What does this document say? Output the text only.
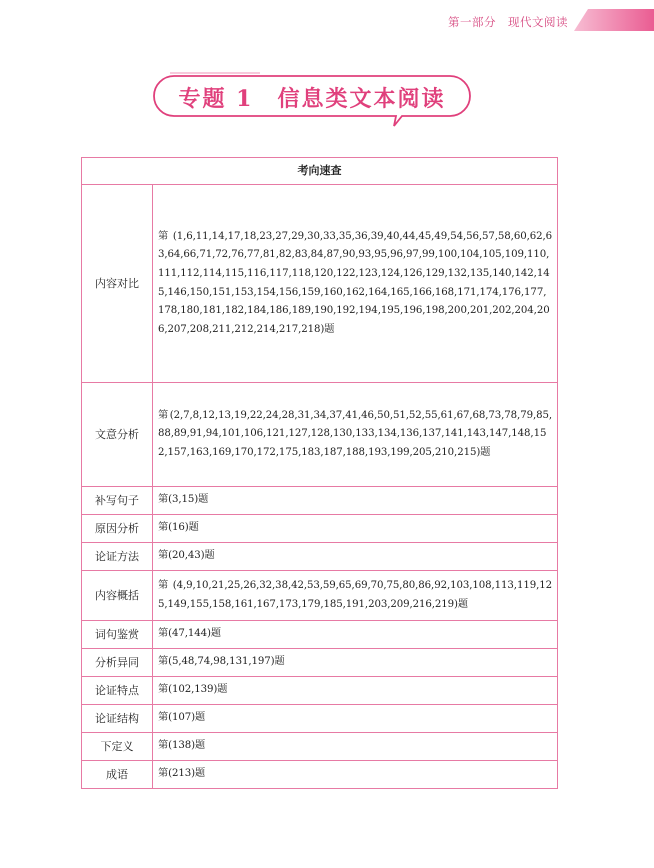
第一部分　现代文阅读
专题 1　信息类文本阅读
考向速查	
内容对比	第(1,6,11,14,17,18,23,27,29,30,33,35,36,39,40,44,45,49,54,56,57,58,60,62,63,64,66,71,72,76,77,81,82,83,84,87,90,93,95,96,97,99,100,104,105,109,110,111,112,114,115,116,117,118,120,122,123,124,126,129,132,135,140,142,145,146,150,151,153,154,156,159,160,162,164,165,166,168,171,174,176,177,178,180,181,182,184,186,189,190,192,194,195,196,198,200,201,202,204,206,207,208,211,212,214,217,218)题
文意分析	第(2,7,8,12,13,19,22,24,28,31,34,37,41,46,50,51,52,55,61,67,68,73,78,79,85,88,89,91,94,101,106,121,127,128,130,133,134,136,137,141,143,147,148,152,157,163,169,170,172,175,183,187,188,193,199,205,210,215)题
补写句子	第(3,15)题
原因分析	第(16)题
论证方法	第(20,43)题
内容概括	第(4,9,10,21,25,26,32,38,42,53,59,65,69,70,75,80,86,92,103,108,113,119,125,149,155,158,161,167,173,179,185,191,203,209,216,219)题
词句鉴赏	第(47,144)题
分析异同	第(5,48,74,98,131,197)题
论证特点	第(102,139)题
论证结构	第(107)题
下定义	第(138)题
成语	第(213)题
